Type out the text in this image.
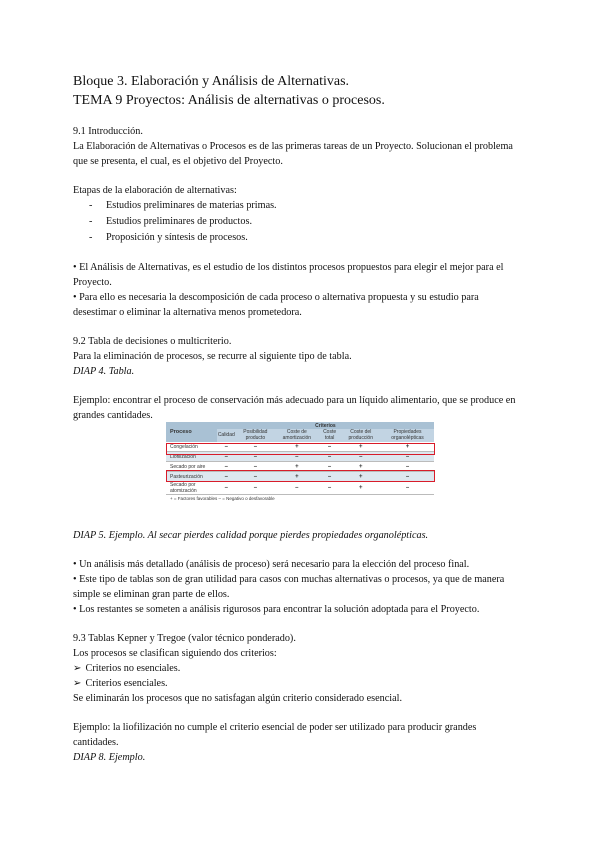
Bloque 3. Elaboración y Análisis de Alternativas.
TEMA 9 Proyectos: Análisis de alternativas o procesos.

9.1 Introducción.

La Elaboración de Alternativas o Procesos es de las primeras tareas de un Proyecto. Solucionan el problema que se presenta, el cual, es el objetivo del Proyecto.

Etapas de la elaboración de alternativas:

- Estudios preliminares de materias primas.
- Estudios preliminares de productos.
- Proposición y síntesis de procesos.

• El Análisis de Alternativas, es el estudio de los distintos procesos propuestos para elegir el mejor para el Proyecto.

• Para ello es necesaria la descomposición de cada proceso o alternativa propuesta y su estudio para desestimar o eliminar la alternativa menos prometedora.

9.2 Tabla de decisiones o multicriterio.

Para la eliminación de procesos, se recurre al siguiente tipo de tabla.

DIAP 4. Tabla.

Ejemplo: encontrar el proceso de conservación más adecuado para un líquido alimentario, que se produce en grandes cantidades.

Proceso	Criterios					
	Calidad	Posibilidad producto	Coste de amortización	Coste total	Coste del producción	Propiedades organolépticas
Congelación	–	–	+	–	+	+
Liofilización	–	–	–	–	–	–
Secado por aire	–	–	+	–	+	–
Pasteurización	–	–	+	–	+	–
Secado por atomización	–	–	–	–	+	–
+ = Factores favorables – = Negativo o desfavorable

DIAP 5. Ejemplo. Al secar pierdes calidad porque pierdes propiedades organolépticas.

• Un análisis más detallado (análisis de proceso) será necesario para la elección del proceso final.

• Este tipo de tablas son de gran utilidad para casos con muchas alternativas o procesos, ya que de manera simple se eliminan gran parte de ellos.

• Los restantes se someten a análisis rigurosos para encontrar la solución adoptada para el Proyecto.

9.3 Tablas Kepner y Tregoe (valor técnico ponderado).

Los procesos se clasifican siguiendo dos criterios:

➢ Criterios no esenciales.
➢ Criterios esenciales.

Se eliminarán los procesos que no satisfagan algún criterio considerado esencial.

Ejemplo: la liofilización no cumple el criterio esencial de poder ser utilizado para producir grandes cantidades.

DIAP 8. Ejemplo.
